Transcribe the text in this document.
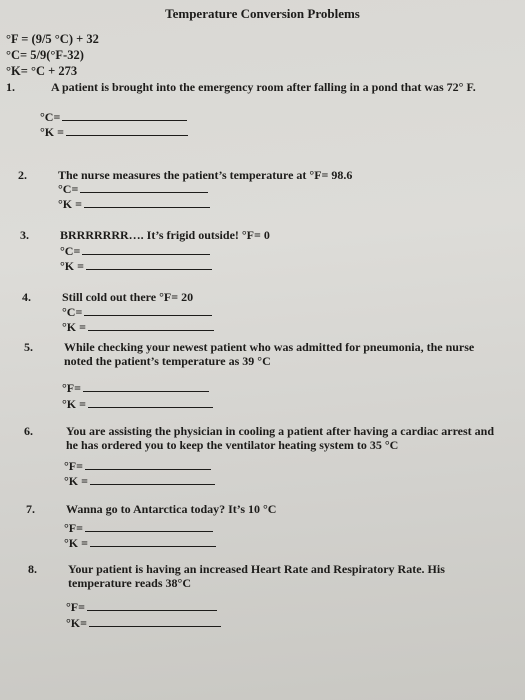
Temperature Conversion Problems
°F = (9/5 °C) + 32
°C= 5/9(°F-32)
°K= °C + 273
1.	A patient is brought into the emergency room after falling in a pond that was 72° F.
°C=
°K =
2.	The nurse measures the patient’s temperature at °F= 98.6
°C=
°K =
3.	BRRRRRRR…. It’s frigid outside! °F= 0
°C=
°K =
4.	Still cold out there °F= 20
°C=
°K =
5.	While checking your newest patient who was admitted for pneumonia, the nurse noted the patient’s temperature as 39 °C
°F=
°K =
6.	You are assisting the physician in cooling a patient after having a cardiac arrest and he has ordered you to keep the ventilator heating system to 35 °C
°F=
°K =
7.	Wanna go to Antarctica today? It’s 10 °C
°F=
°K =
8.	Your patient is having an increased Heart Rate and Respiratory Rate. His temperature reads 38°C
°F=
°K=
